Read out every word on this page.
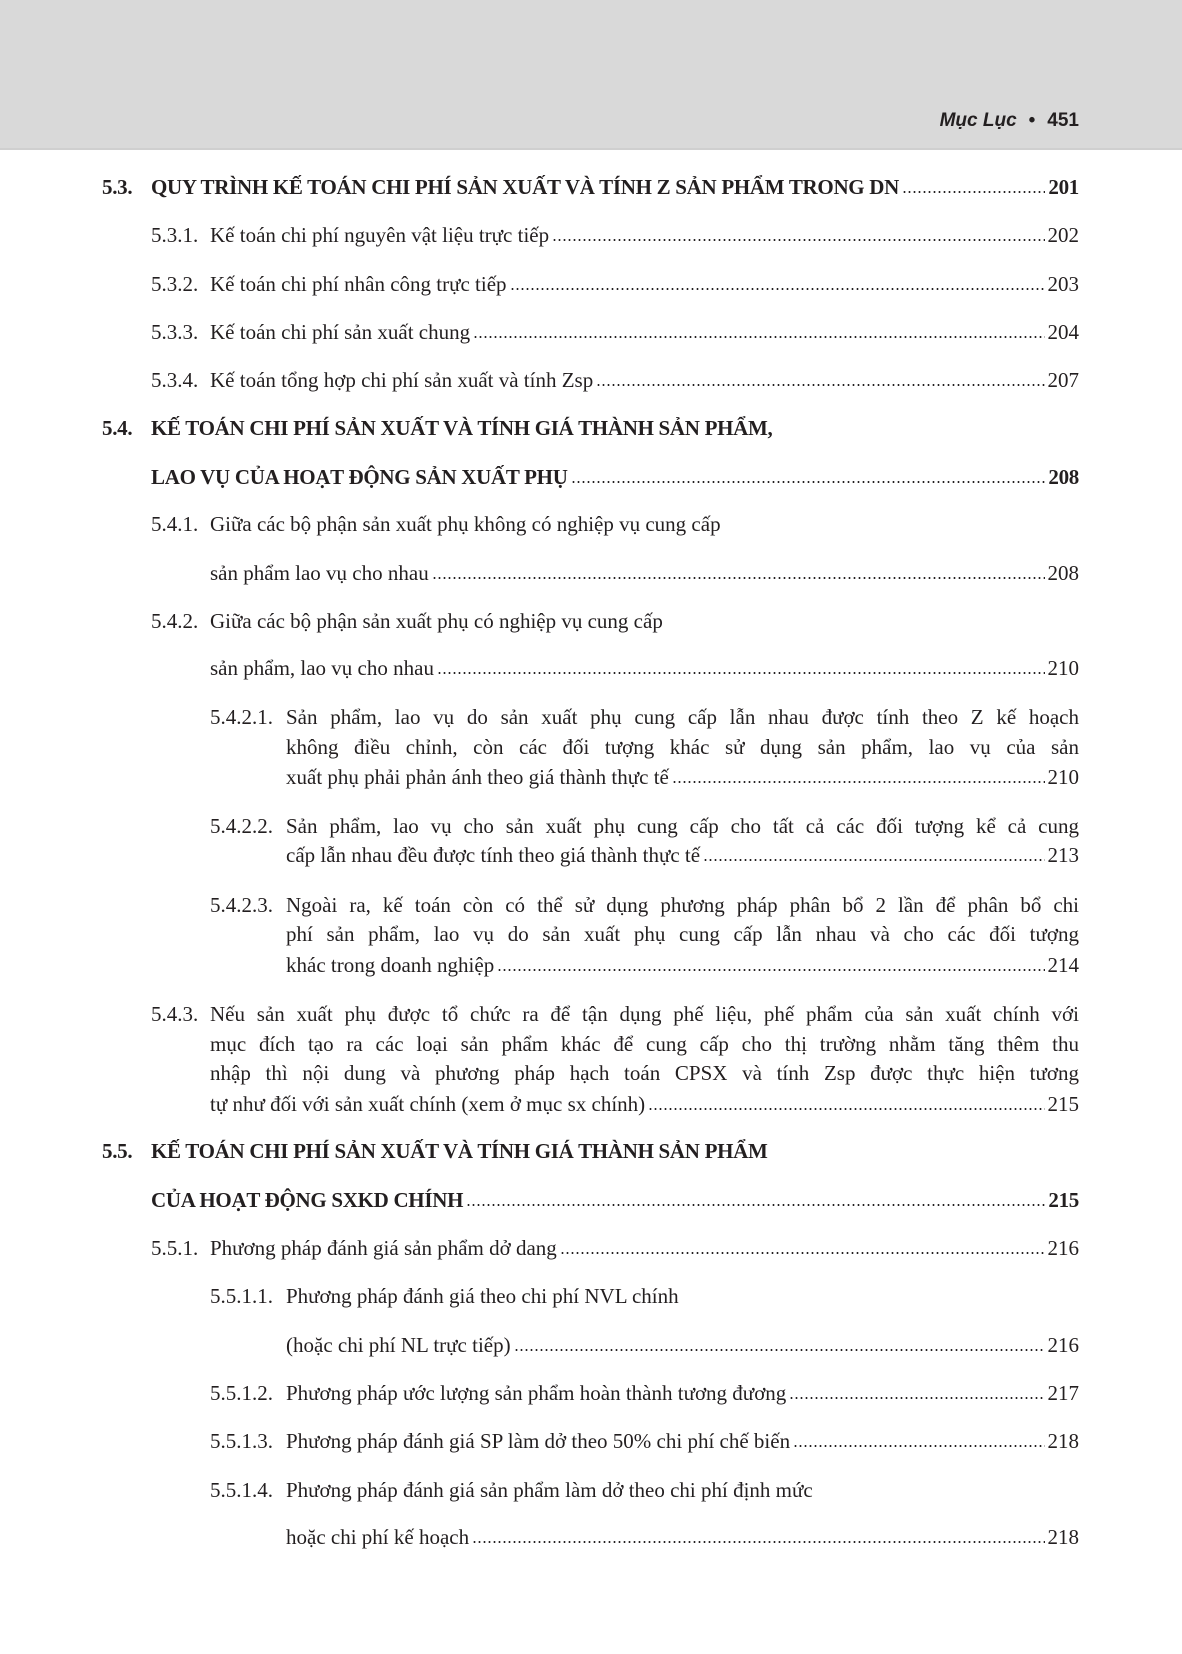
Mục Lục • 451
5.3. QUY TRÌNH KẾ TOÁN CHI PHÍ SẢN XUẤT VÀ TÍNH Z SẢN PHẨM TRONG DN	201
5.3.1. Kế toán chi phí nguyên vật liệu trực tiếp	202
5.3.2. Kế toán chi phí nhân công trực tiếp	203
5.3.3. Kế toán chi phí sản xuất chung	204
5.3.4. Kế toán tổng hợp chi phí sản xuất và tính Zsp	207
5.4. KẾ TOÁN CHI PHÍ SẢN XUẤT VÀ TÍNH GIÁ THÀNH SẢN PHẨM,
LAO VỤ CỦA HOẠT ĐỘNG SẢN XUẤT PHỤ	208
5.4.1. Giữa các bộ phận sản xuất phụ không có nghiệp vụ cung cấp
sản phẩm lao vụ cho nhau	208
5.4.2. Giữa các bộ phận sản xuất phụ có nghiệp vụ cung cấp
sản phẩm, lao vụ cho nhau	210
5.4.2.1. Sản phẩm, lao vụ do sản xuất phụ cung cấp lẫn nhau được tính theo Z kế hoạch
không điều chỉnh, còn các đối tượng khác sử dụng sản phẩm, lao vụ của sản
xuất phụ phải phản ánh theo giá thành thực tế	210
5.4.2.2. Sản phẩm, lao vụ cho sản xuất phụ cung cấp cho tất cả các đối tượng kể cả cung
cấp lẫn nhau đều được tính theo giá thành thực tế	213
5.4.2.3. Ngoài ra, kế toán còn có thể sử dụng phương pháp phân bổ 2 lần để phân bổ chi
phí sản phẩm, lao vụ do sản xuất phụ cung cấp lẫn nhau và cho các đối tượng
khác trong doanh nghiệp	214
5.4.3. Nếu sản xuất phụ được tổ chức ra để tận dụng phế liệu, phế phẩm của sản xuất chính với
mục đích tạo ra các loại sản phẩm khác để cung cấp cho thị trường nhằm tăng thêm thu
nhập thì nội dung và phương pháp hạch toán CPSX và tính Zsp được thực hiện tương
tự như đối với sản xuất chính (xem ở mục sx chính)	215
5.5. KẾ TOÁN CHI PHÍ SẢN XUẤT VÀ TÍNH GIÁ THÀNH SẢN PHẨM
CỦA HOẠT ĐỘNG SXKD CHÍNH	215
5.5.1. Phương pháp đánh giá sản phẩm dở dang	216
5.5.1.1. Phương pháp đánh giá theo chi phí NVL chính
(hoặc chi phí NL trực tiếp)	216
5.5.1.2. Phương pháp ước lượng sản phẩm hoàn thành tương đương	217
5.5.1.3. Phương pháp đánh giá SP làm dở theo 50% chi phí chế biến	218
5.5.1.4. Phương pháp đánh giá sản phẩm làm dở theo chi phí định mức
hoặc chi phí kế hoạch	218
